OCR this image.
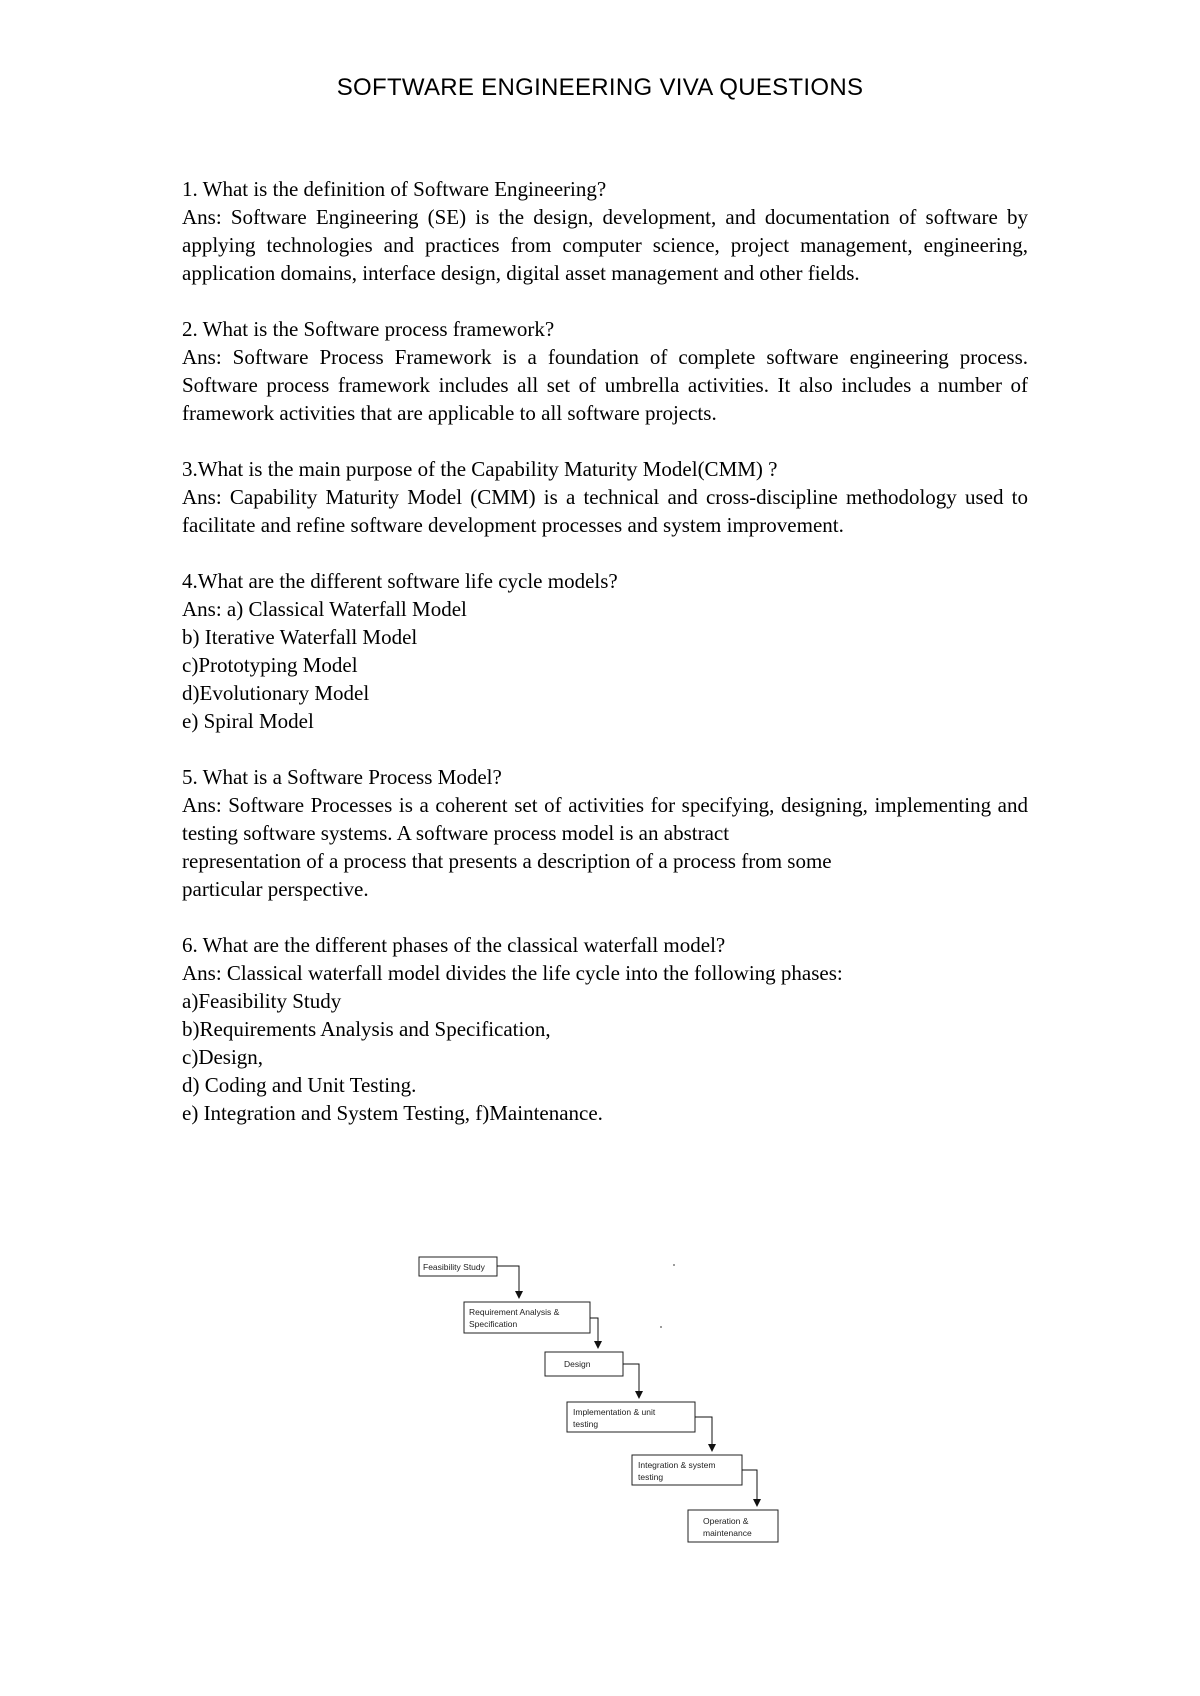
SOFTWARE ENGINEERING VIVA QUESTIONS

1. What is the definition of Software Engineering?

Ans: Software Engineering (SE) is the design, development, and documentation of software by applying technologies and practices from computer science, project management, engineering, application domains, interface design, digital asset management and other fields.

2. What is the Software process framework?

Ans: Software Process Framework is a foundation of complete software engineering process. Software process framework includes all set of umbrella activities. It also includes a number of framework activities that are applicable to all software projects.

3.What is the main purpose of the Capability Maturity Model(CMM) ?

Ans: Capability Maturity Model (CMM) is a technical and cross-discipline methodology used to facilitate and refine software development processes and system improvement.

4.What are the different software life cycle models?

Ans: a) Classical Waterfall Model

b) Iterative Waterfall Model

c)Prototyping Model

d)Evolutionary Model

e) Spiral Model

5. What is a Software Process Model?

Ans: Software Processes is a coherent set of activities for specifying, designing, implementing and testing software systems. A software process model is an abstract

representation of a process that presents a description of a process from some

particular perspective.

6. What are the different phases of the classical waterfall model?

Ans: Classical waterfall model divides the life cycle into the following phases:

a)Feasibility Study

b)Requirements Analysis and Specification,

c)Design,

d) Coding and Unit Testing.

e) Integration and System Testing, f)Maintenance.

Feasibility Study
Requirement Analysis &
Specification
Design
Implementation & unit
testing
Integration & system
testing
Operation &
maintenance
